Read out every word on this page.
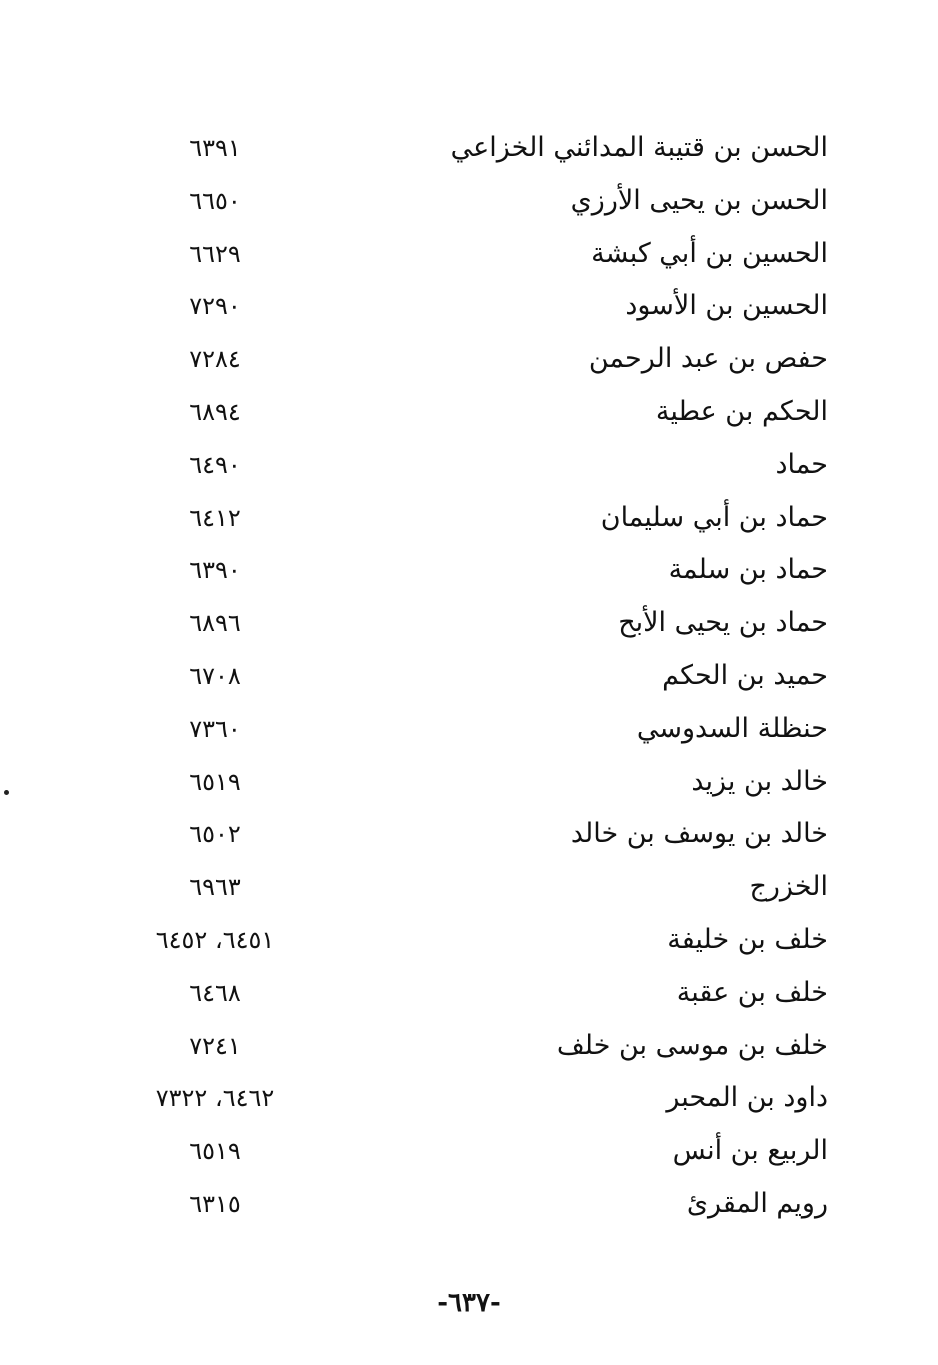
الحسن بن قتيبة المدائني الخزاعي
٦٣٩١
الحسن بن يحيى الأرزي
٦٦٥٠
الحسين بن أبي كبشة
٦٦٢٩
الحسين بن الأسود
٧٢٩٠
حفص بن عبد الرحمن
٧٢٨٤
الحكم بن عطية
٦٨٩٤
حماد
٦٤٩٠
حماد بن أبي سليمان
٦٤١٢
حماد بن سلمة
٦٣٩٠
حماد بن يحيى الأبح
٦٨٩٦
حميد بن الحكم
٦٧٠٨
حنظلة السدوسي
٧٣٦٠
خالد بن يزيد
٦٥١٩
خالد بن يوسف بن خالد
٦٥٠٢
الخزرج
٦٩٦٣
خلف بن خليفة
٦٤٥١، ٦٤٥٢
خلف بن عقبة
٦٤٦٨
خلف بن موسى بن خلف
٧٢٤١
داود بن المحبر
٦٤٦٢، ٧٣٢٢
الربيع بن أنس
٦٥١٩
رويم المقرئ
٦٣١٥
-٦٣٧-
